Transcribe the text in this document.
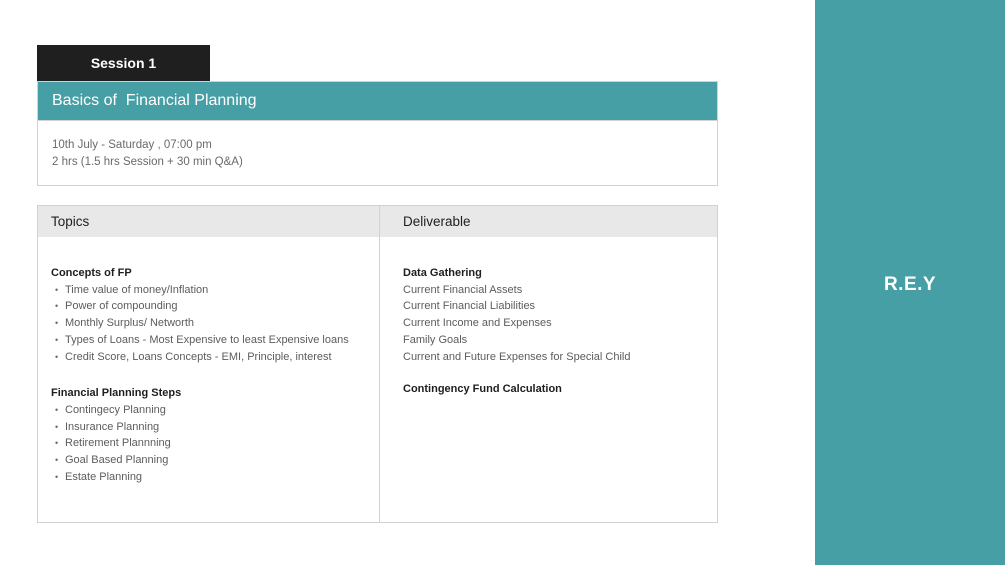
Session 1
Basics of  Financial Planning
10th July - Saturday , 07:00 pm
2 hrs (1.5 hrs Session + 30 min Q&A)
Topics
Concepts of FP
• Time value of money/Inflation
• Power of compounding
• Monthly Surplus/ Networth
• Types of Loans - Most Expensive to least Expensive loans
• Credit Score, Loans Concepts - EMI, Principle, interest
Financial Planning Steps
• Contingecy Planning
• Insurance Planning
• Retirement Plannning
• Goal Based Planning
• Estate Planning
Deliverable
Data Gathering
Current Financial Assets
Current Financial Liabilities
Current Income and Expenses
Family Goals
Current and Future Expenses for Special Child
Contingency Fund Calculation
R.E.Y
